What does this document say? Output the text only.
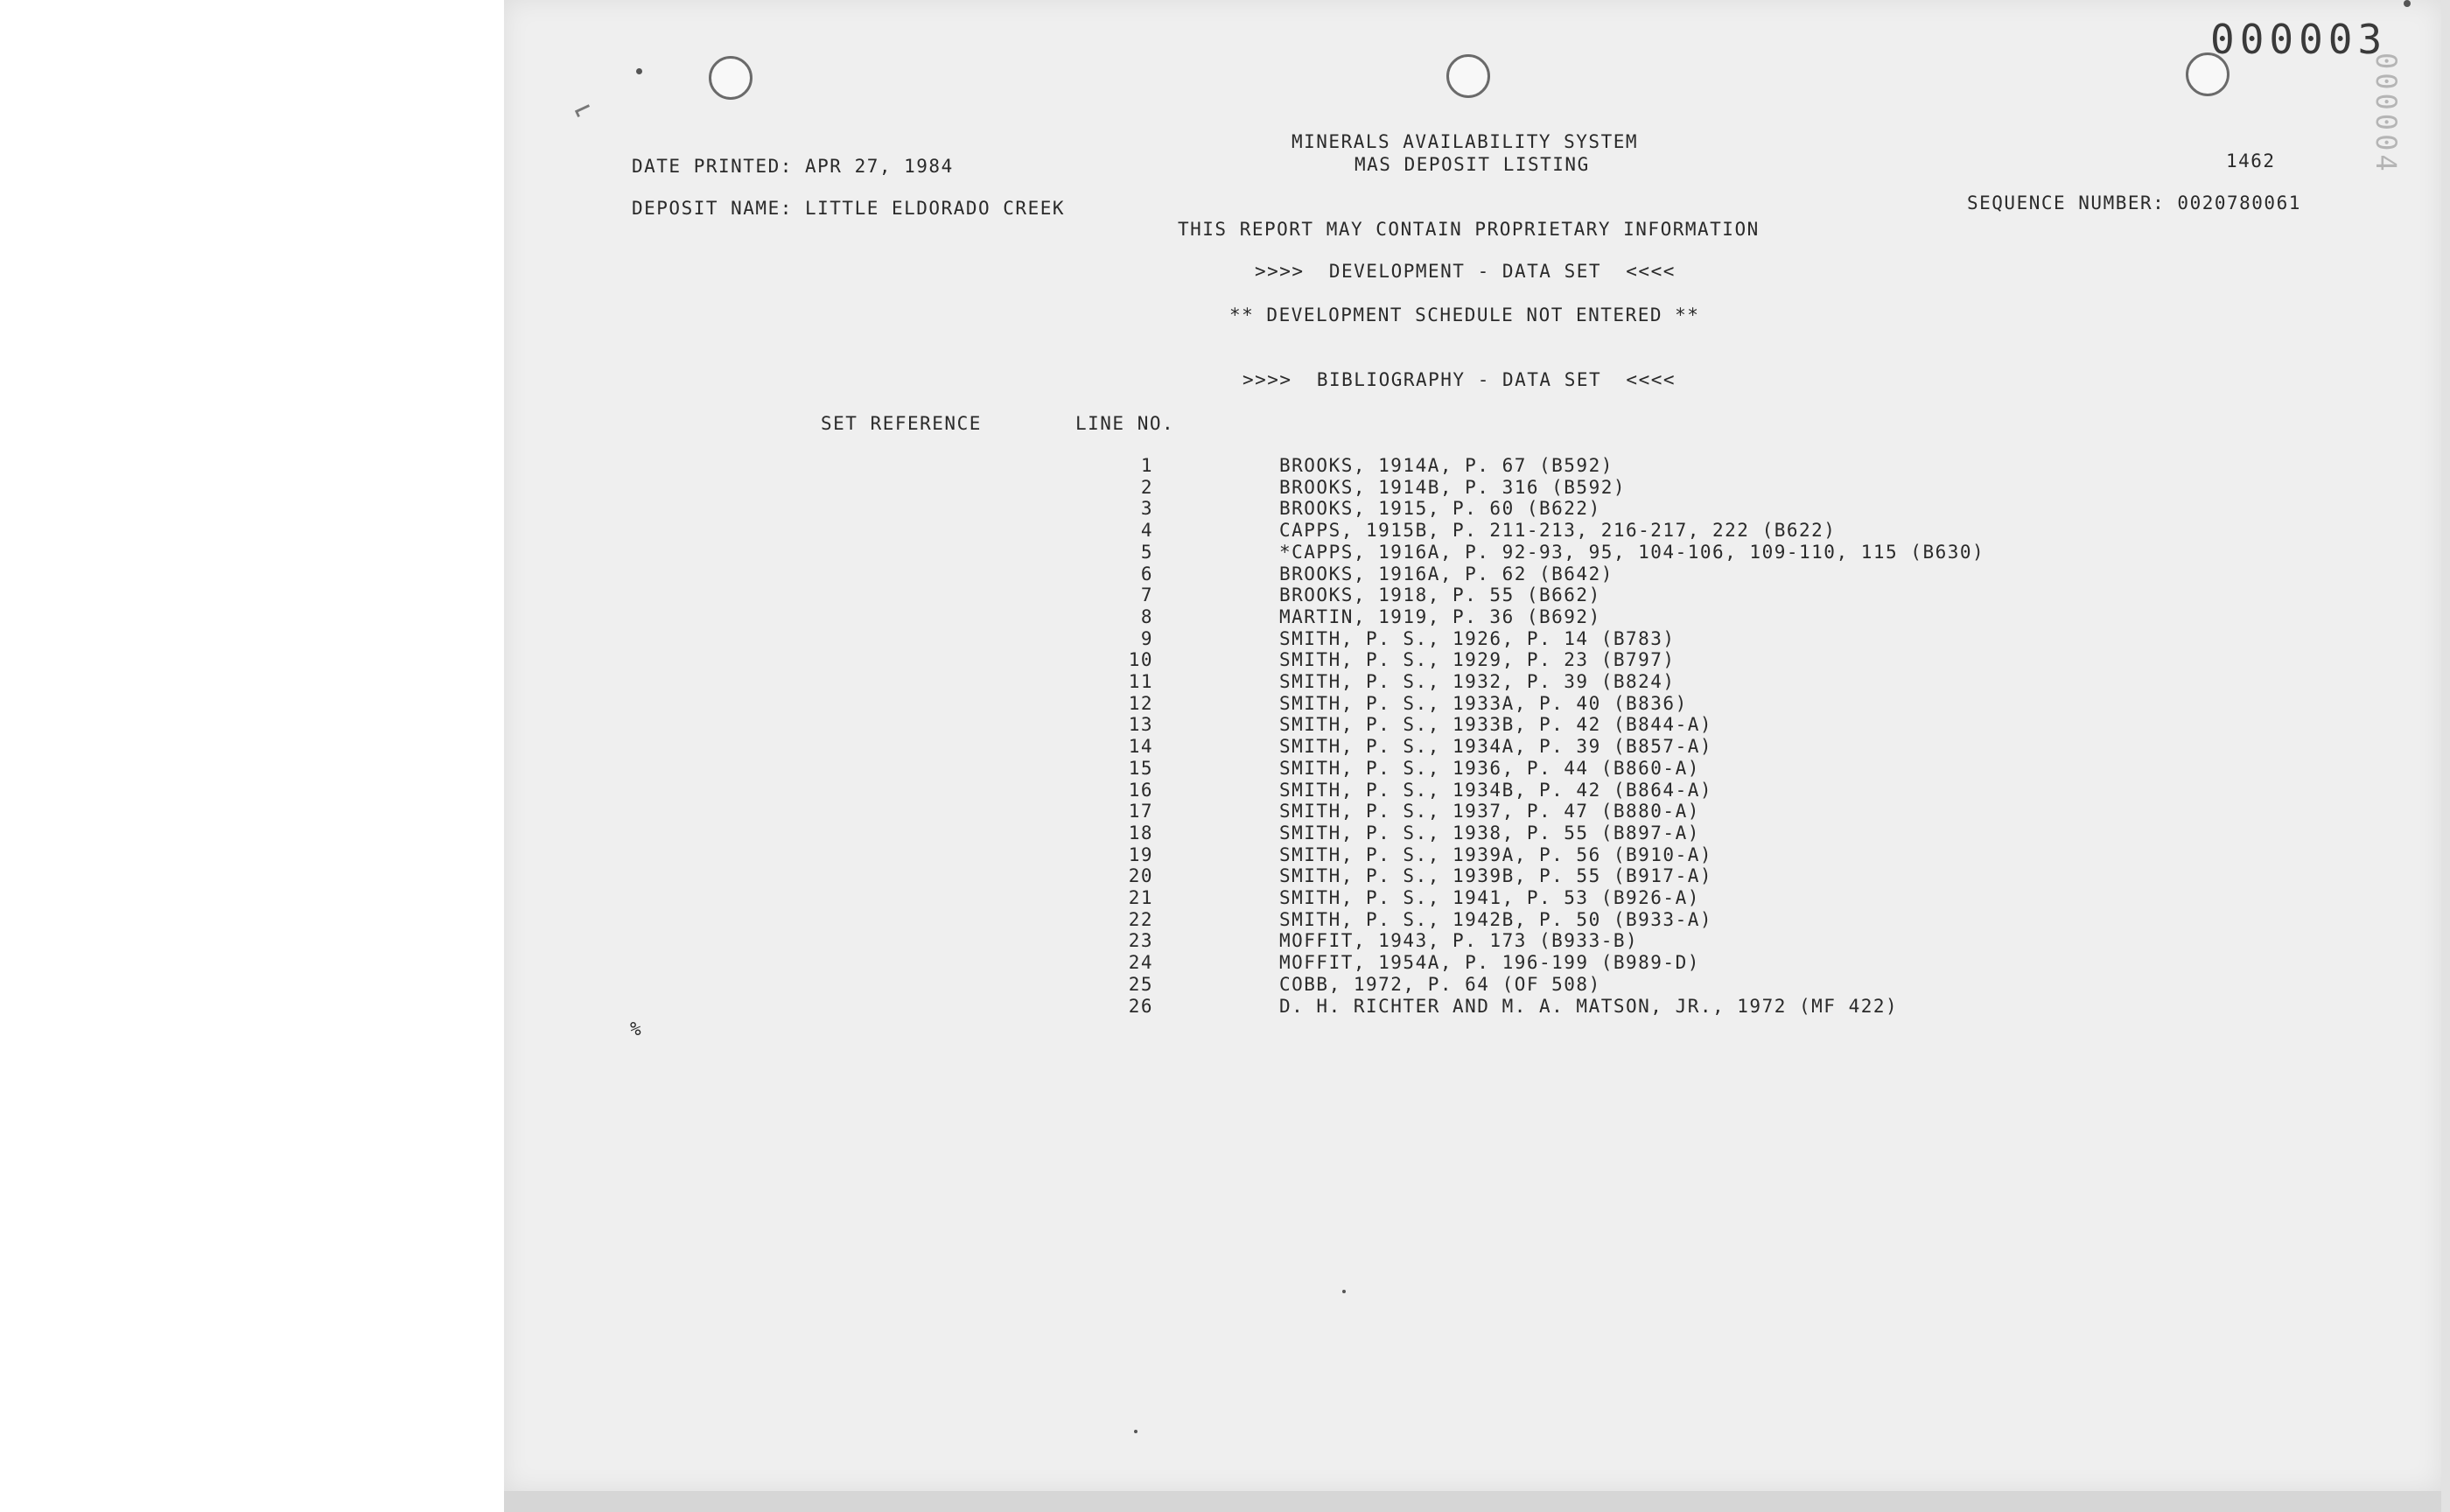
⌐
000003
000004
MINERALS AVAILABILITY SYSTEM
MAS DEPOSIT LISTING
DATE PRINTED: APR 27, 1984	1462
DEPOSIT NAME: LITTLE ELDORADO CREEK	SEQUENCE NUMBER: 0020780061
THIS REPORT MAY CONTAIN PROPRIETARY INFORMATION
>>>>  DEVELOPMENT - DATA SET  <<<<
** DEVELOPMENT SCHEDULE NOT ENTERED **
>>>>  BIBLIOGRAPHY - DATA SET  <<<<
SET REFERENCE	LINE NO.
1	BROOKS, 1914A, P. 67 (B592)
2	BROOKS, 1914B, P. 316 (B592)
3	BROOKS, 1915, P. 60 (B622)
4	CAPPS, 1915B, P. 211-213, 216-217, 222 (B622)
5	*CAPPS, 1916A, P. 92-93, 95, 104-106, 109-110, 115 (B630)
6	BROOKS, 1916A, P. 62 (B642)
7	BROOKS, 1918, P. 55 (B662)
8	MARTIN, 1919, P. 36 (B692)
9	SMITH, P. S., 1926, P. 14 (B783)
10	SMITH, P. S., 1929, P. 23 (B797)
11	SMITH, P. S., 1932, P. 39 (B824)
12	SMITH, P. S., 1933A, P. 40 (B836)
13	SMITH, P. S., 1933B, P. 42 (B844-A)
14	SMITH, P. S., 1934A, P. 39 (B857-A)
15	SMITH, P. S., 1936, P. 44 (B860-A)
16	SMITH, P. S., 1934B, P. 42 (B864-A)
17	SMITH, P. S., 1937, P. 47 (B880-A)
18	SMITH, P. S., 1938, P. 55 (B897-A)
19	SMITH, P. S., 1939A, P. 56 (B910-A)
20	SMITH, P. S., 1939B, P. 55 (B917-A)
21	SMITH, P. S., 1941, P. 53 (B926-A)
22	SMITH, P. S., 1942B, P. 50 (B933-A)
23	MOFFIT, 1943, P. 173 (B933-B)
24	MOFFIT, 1954A, P. 196-199 (B989-D)
25	COBB, 1972, P. 64 (OF 508)
26	D. H. RICHTER AND M. A. MATSON, JR., 1972 (MF 422)
%
